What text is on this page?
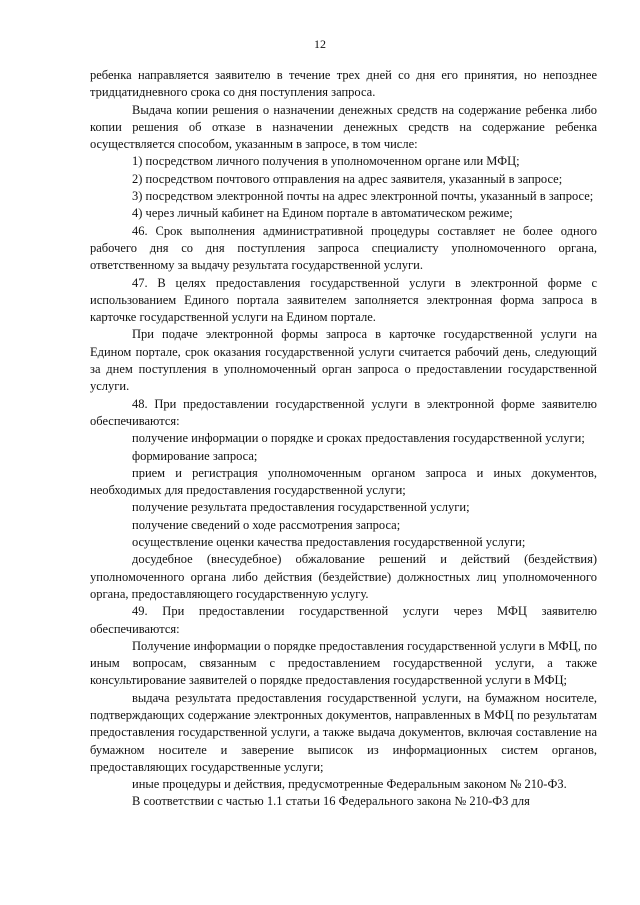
12

ребенка направляется заявителю в течение трех дней со дня его принятия, но непозднее тридцатидневного срока со дня поступления запроса.

Выдача копии решения о назначении денежных средств на содержание ребенка либо копии решения об отказе в назначении денежных средств на содержание ребенка осуществляется способом, указанным в запросе, в том числе:

1) посредством личного получения в уполномоченном органе или МФЦ;

2) посредством почтового отправления на адрес заявителя, указанный в запросе;

3) посредством электронной почты на адрес электронной почты, указанный в запросе;

4) через личный кабинет на Едином портале в автоматическом режиме;

46. Срок выполнения административной процедуры составляет не более одного рабочего дня со дня поступления запроса специалисту уполномоченного органа, ответственному за выдачу результата государственной услуги.

47. В целях предоставления государственной услуги в электронной форме с использованием Единого портала заявителем заполняется электронная форма запроса в карточке государственной услуги на Едином портале.

При подаче электронной формы запроса в карточке государственной услуги на Едином портале, срок оказания государственной услуги считается рабочий день, следующий за днем поступления в уполномоченный орган запроса о предоставлении государственной услуги.

48. При предоставлении государственной услуги в электронной форме заявителю обеспечиваются:

получение информации о порядке и сроках предоставления государственной услуги;

формирование запроса;

прием и регистрация уполномоченным органом запроса и иных документов, необходимых для предоставления государственной услуги;

получение результата предоставления государственной услуги;

получение сведений о ходе рассмотрения запроса;

осуществление оценки качества предоставления государственной услуги;

досудебное (внесудебное) обжалование решений и действий (бездействия) уполномоченного органа либо действия (бездействие) должностных лиц уполномоченного органа, предоставляющего государственную услугу.

49. При предоставлении государственной услуги через МФЦ заявителю обеспечиваются:

Получение информации о порядке предоставления государственной услуги в МФЦ, по иным вопросам, связанным с предоставлением государственной услуги, а также консультирование заявителей о порядке предоставления государственной услуги в МФЦ;

выдача результата предоставления государственной услуги, на бумажном носителе, подтверждающих содержание электронных документов, направленных в МФЦ по результатам предоставления государственной услуги, а также выдача документов, включая составление на бумажном носителе и заверение выписок из информационных систем органов, предоставляющих государственные услуги;

иные процедуры и действия, предусмотренные Федеральным законом № 210-ФЗ.

В соответствии с частью 1.1 статьи 16 Федерального закона № 210-ФЗ для
